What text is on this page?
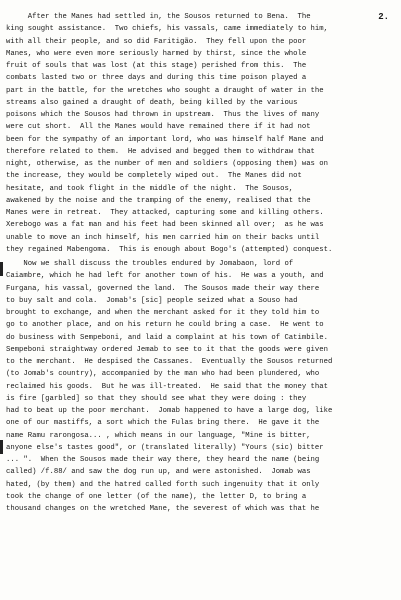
2.
After the Manes had settled in, the Sousos returned to Bena.  The
king sought assistance.  Two chiefs, his vassals, came immediately to him,
with all their people, and so did Faritigão.  They fell upon the poor
Manes, who were even more seriously harmed by thirst, since the whole
fruit of souls that was lost (at this stage) perished from this.  The
combats lasted two or three days and during this time poison played a
part in the battle, for the wretches who sought a draught of water in the
streams also gained a draught of death, being killed by the various
poisons which the Sousos had thrown in upstream.  Thus the lives of many
were cut short.  All the Manes would have remained there if it had not
been for the sympathy of an important lord, who was himself half Mane and
therefore related to them.  He advised and begged them to withdraw that
night, otherwise, as the number of men and soldiers (opposing them) was on
the increase, they would be completely wiped out.  The Manes did not
hesitate, and took flight in the middle of the night.  The Sousos,
awakened by the noise and the tramping of the enemy, realised that the
Manes were in retreat.  They attacked, capturing some and killing others.
Xerebogo was a fat man and his feet had been skinned all over;  as he was
unable to move an inch himself, his men carried him on their backs until
they regained Mabengoma.  This is enough about Bogo's (attempted) conquest.
Now we shall discuss the troubles endured by Jomabaon, lord of
Caiambre, which he had left for another town of his.  He was a youth, and
Furgana, his vassal, governed the land.  The Sousos made their way there
to buy salt and cola.  Jomab's [sic] people seized what a Souso had
brought to exchange, and when the merchant asked for it they told him to
go to another place, and on his return he could bring a case.  He went to
do business with Sempeboni, and laid a complaint at his town of Catimbile.
Sempeboni straightway ordered Jemab to see to it that the goods were given
to the merchant.  He despised the Cassanes.  Eventually the Sousos returned
(to Jomab's country), accompanied by the man who had been plundered, who
reclaimed his goods.  But he was ill-treated.  He said that the money that
is fire [garbled] so that they should see what they were doing : they
had to beat up the poor merchant.  Jomab happened to have a large dog, like
one of our mastiffs, a sort which the Fulas bring there.  He gave it the
name Ramu rarongosa... , which means in our language, "Mine is bitter,
anyone else's tastes good", or (translated literally) "Yours (sic) bitter
... ".  When the Sousos made their way there, they heard the name (being
called) /f.88/ and saw the dog run up, and were astonished.  Jomab was
hated, (by them) and the hatred called forth such ingenuity that it only
took the change of one letter (of the name), the letter D, to bring a
thousand changes on the wretched Mane, the severest of which was that he
